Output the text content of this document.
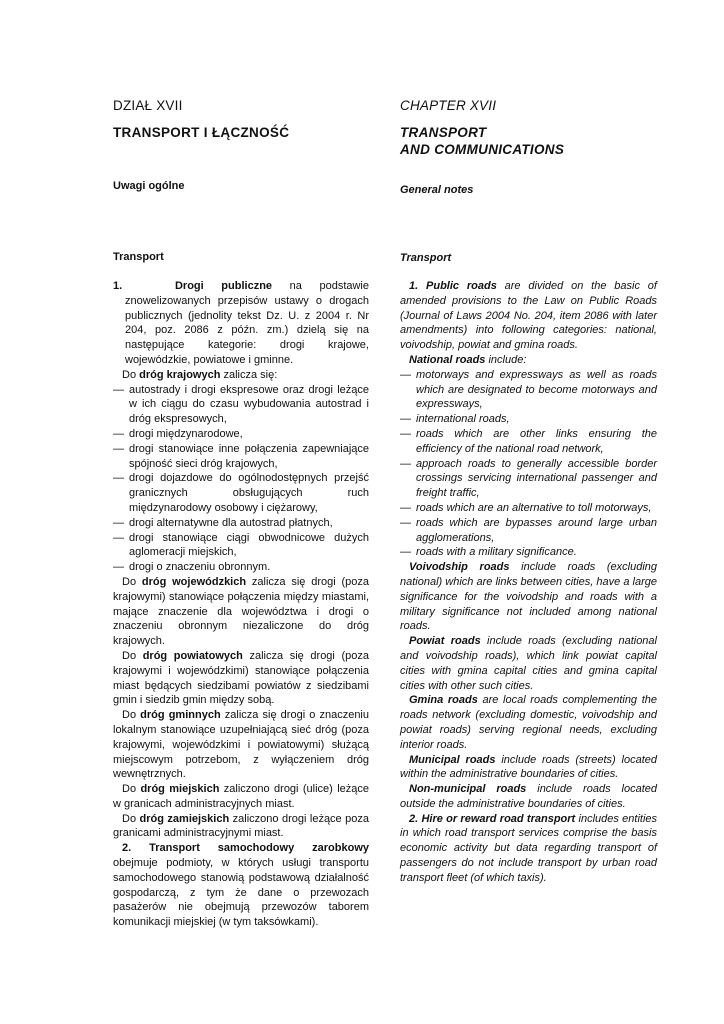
DZIAŁ XVII
TRANSPORT I ŁĄCZNOŚĆ
Uwagi ogólne
Transport

1.	Drogi publiczne na podstawie znowelizowanych przepisów ustawy o drogach publicznych (jednolity tekst Dz. U. z 2004 r. Nr 204, poz. 2086 z późn. zm.) dzielą się na następujące kategorie: drogi krajowe, wojewódzkie, powiatowe i gminne.

Do dróg krajowych zalicza się:

— autostrady i drogi ekspresowe oraz drogi leżące w ich ciągu do czasu wybudowania autostrad i dróg ekspresowych,
— drogi międzynarodowe,
— drogi stanowiące inne połączenia zapewniające spójność sieci dróg krajowych,
— drogi dojazdowe do ogólnodostępnych przejść granicznych obsługujących ruch międzynarodowy osobowy i ciężarowy,
— drogi alternatywne dla autostrad płatnych,
— drogi stanowiące ciągi obwodnicowe dużych aglomeracji miejskich,
— drogi o znaczeniu obronnym.

Do dróg wojewódzkich zalicza się drogi (poza krajowymi) stanowiące połączenia między miastami, mające znaczenie dla województwa i drogi o znaczeniu obronnym niezaliczone do dróg krajowych.

Do dróg powiatowych zalicza się drogi (poza krajowymi i wojewódzkimi) stanowiące połączenia miast będących siedzibami powiatów z siedzibami gmin i siedzib gmin między sobą.

Do dróg gminnych zalicza się drogi o znaczeniu lokalnym stanowiące uzupełniającą sieć dróg (poza krajowymi, wojewódzkimi i powiatowymi) służącą miejscowym potrzebom, z wyłączeniem dróg wewnętrznych.

Do dróg miejskich zaliczono drogi (ulice) leżące w granicach administracyjnych miast.

Do dróg zamiejskich zaliczono drogi leżące poza granicami administracyjnymi miast.

2. Transport samochodowy zarobkowy obejmuje podmioty, w których usługi transportu samochodowego stanowią podstawową działalność gospodarczą, z tym że dane o przewozach pasażerów nie obejmują przewozów taborem komunikacji miejskiej (w tym taksówkami).

CHAPTER XVII
TRANSPORT
AND COMMUNICATIONS
General notes
Transport

1. Public roads are divided on the basic of amended provisions to the Law on Public Roads (Journal of Laws 2004 No. 204, item 2086 with later amendments) into following categories: national, voivodship, powiat and gmina roads.

National roads include:

— motorways and expressways as well as roads which are designated to become motorways and expressways,
— international roads,
— roads which are other links ensuring the efficiency of the national road network,
— approach roads to generally accessible border crossings servicing international passenger and freight traffic,
— roads which are an alternative to toll motorways,
— roads which are bypasses around large urban agglomerations,
— roads with a military significance.

Voivodship roads include roads (excluding national) which are links between cities, have a large significance for the voivodship and roads with a military significance not included among national roads.

Powiat roads include roads (excluding national and voivodship roads), which link powiat capital cities with gmina capital cities and gmina capital cities with other such cities.

Gmina roads are local roads complementing the roads network (excluding domestic, voivodship and powiat roads) serving regional needs, excluding interior roads.

Municipal roads include roads (streets) located within the administrative boundaries of cities.

Non-municipal roads include roads located outside the administrative boundaries of cities.

2. Hire or reward road transport includes entities in which road transport services comprise the basis economic activity but data regarding transport of passengers do not include transport by urban road transport fleet (of which taxis).
